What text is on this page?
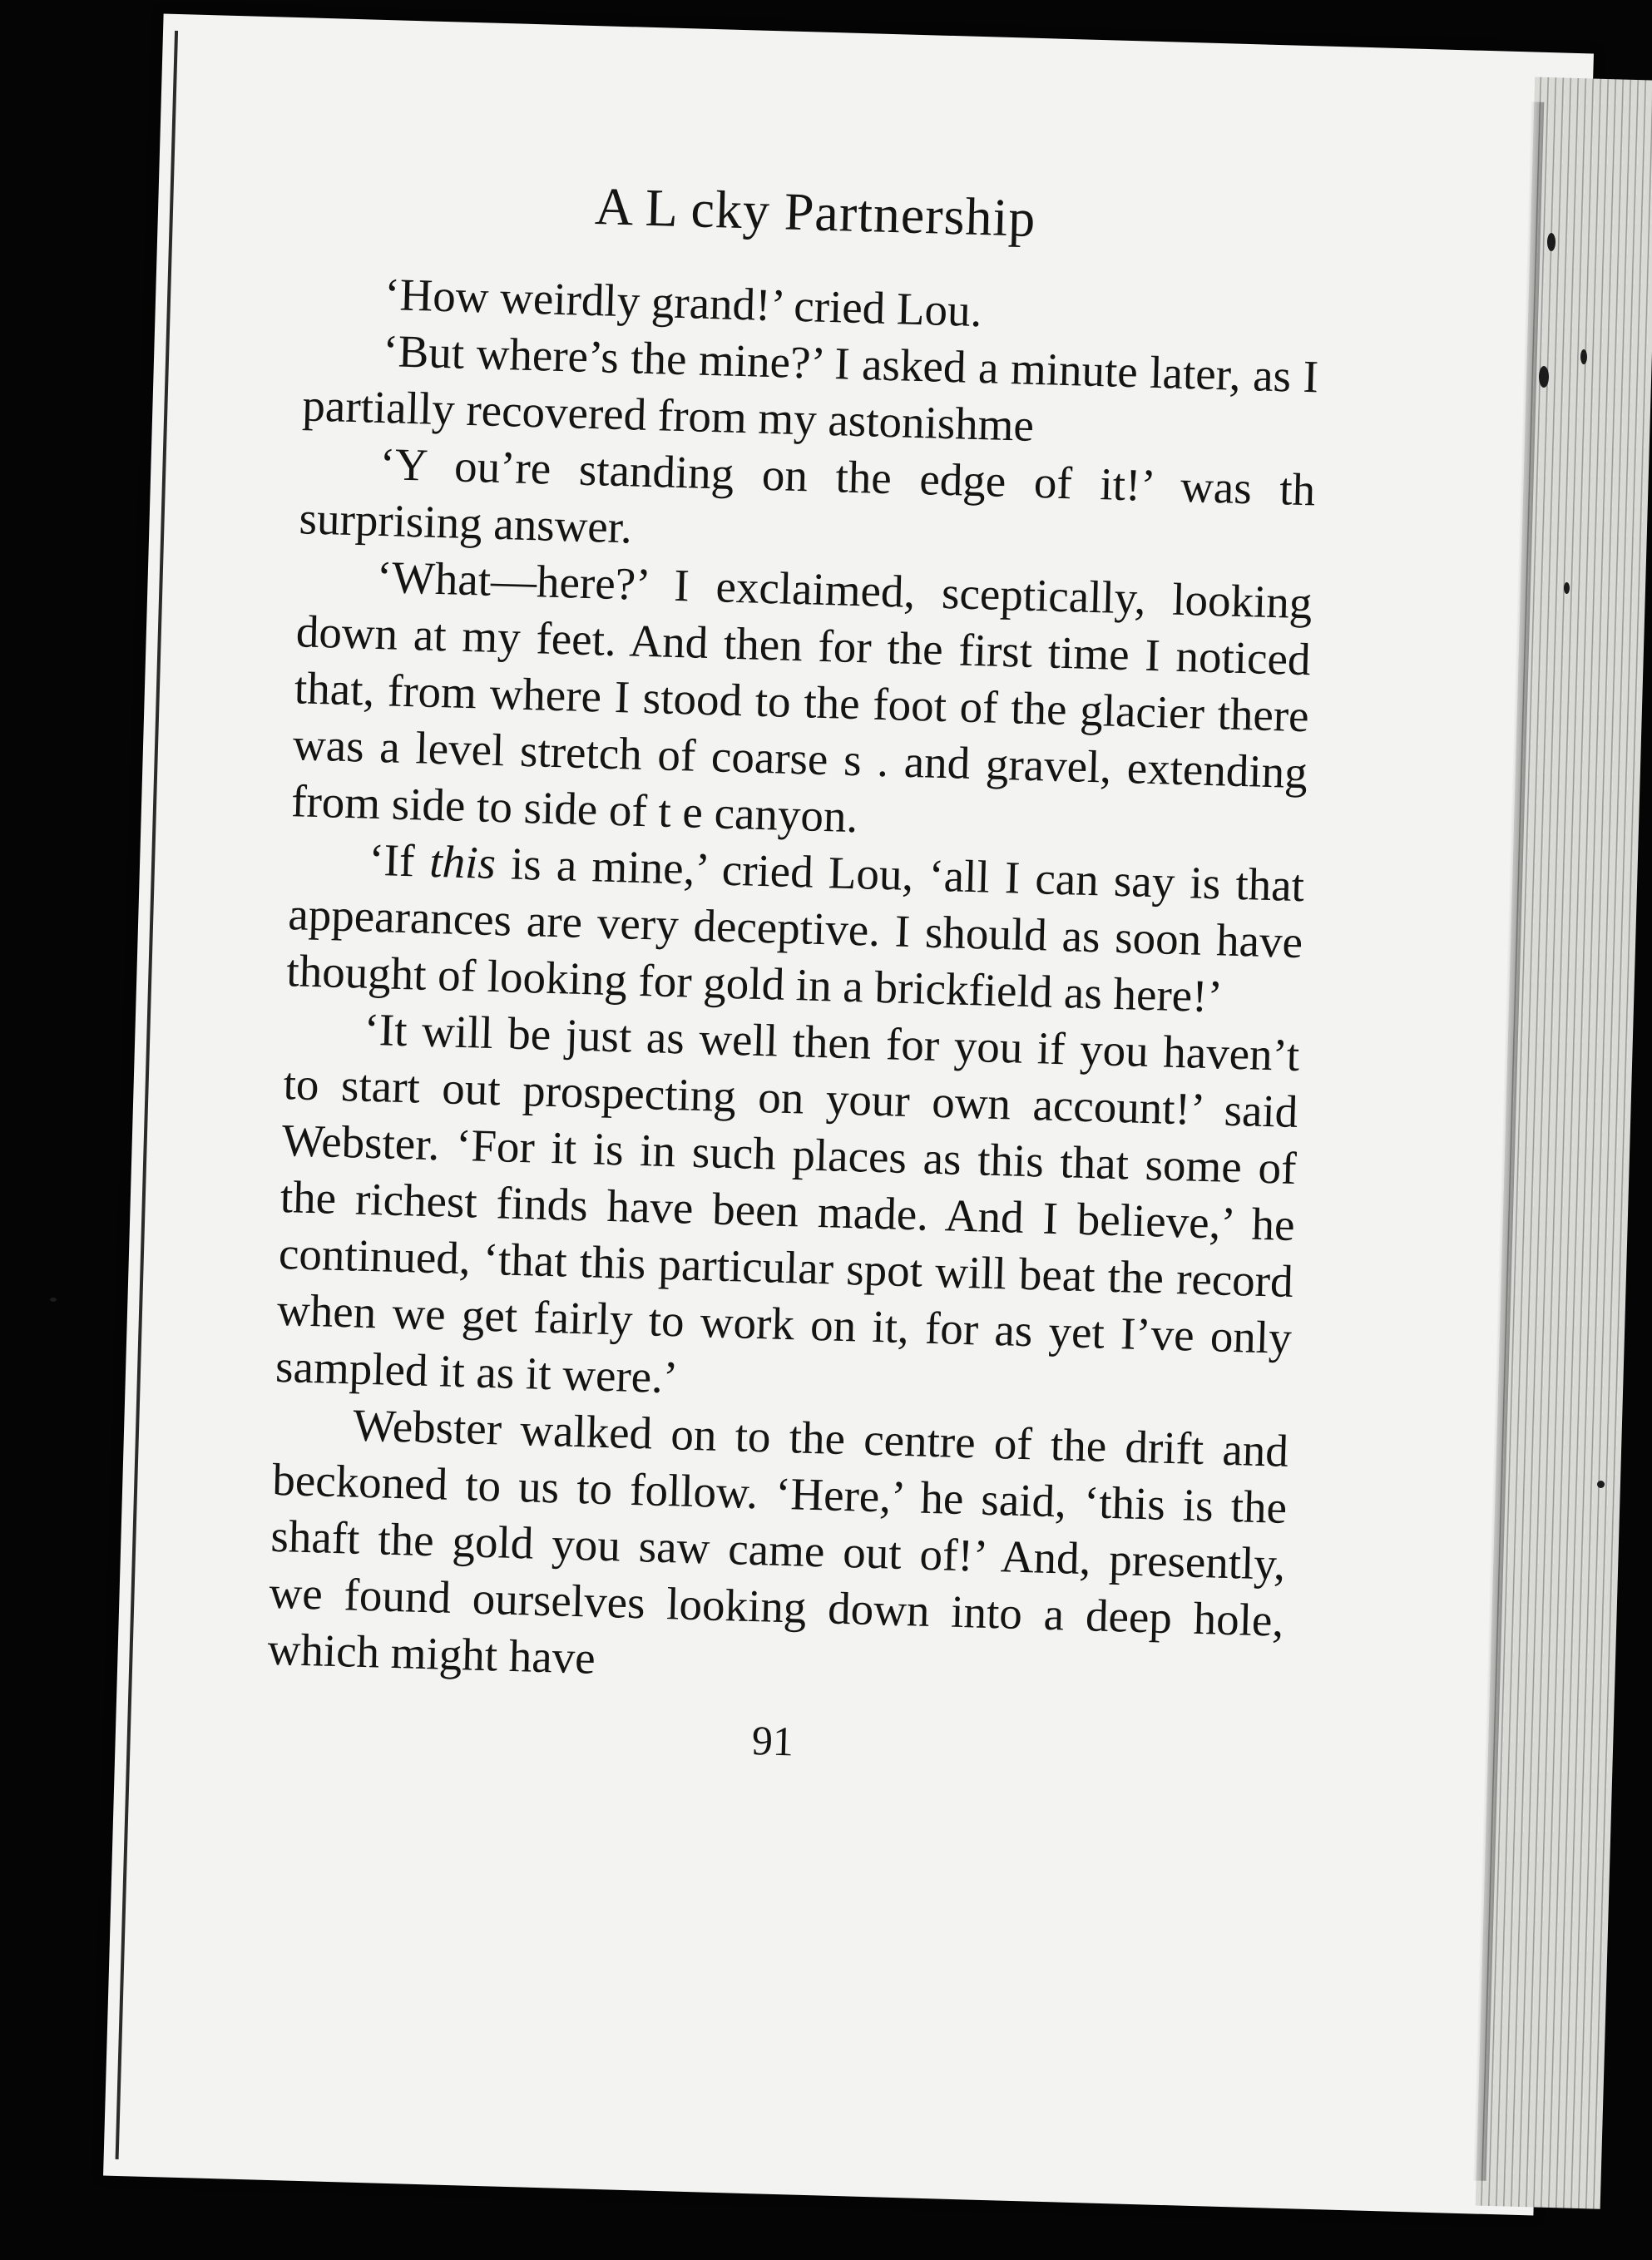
A L cky Partnership

‘How weirdly grand!’ cried Lou.

‘But where’s the mine?’ I asked a minute later, as I partially recovered from my astonishme

‘Y ou’re standing on the edge of it!’ was th surprising answer.

‘What—here?’ I exclaimed, sceptically, looking down at my feet. And then for the first time I noticed that, from where I stood to the foot of the glacier there was a level stretch of coarse s . and gravel, extending from side to side of t e canyon.

‘If this is a mine,’ cried Lou, ‘all I can say is that appearances are very deceptive. I should as soon have thought of looking for gold in a brickfield as here!’

‘It will be just as well then for you if you haven’t to start out prospecting on your own account!’ said Webster. ‘For it is in such places as this that some of the richest finds have been made. And I believe,’ he continued, ‘that this particular spot will beat the record when we get fairly to work on it, for as yet I’ve only sampled it as it were.’

Webster walked on to the centre of the drift and beckoned to us to follow. ‘Here,’ he said, ‘this is the shaft the gold you saw came out of!’ And, presently, we found ourselves looking down into a deep hole, which might have

91
